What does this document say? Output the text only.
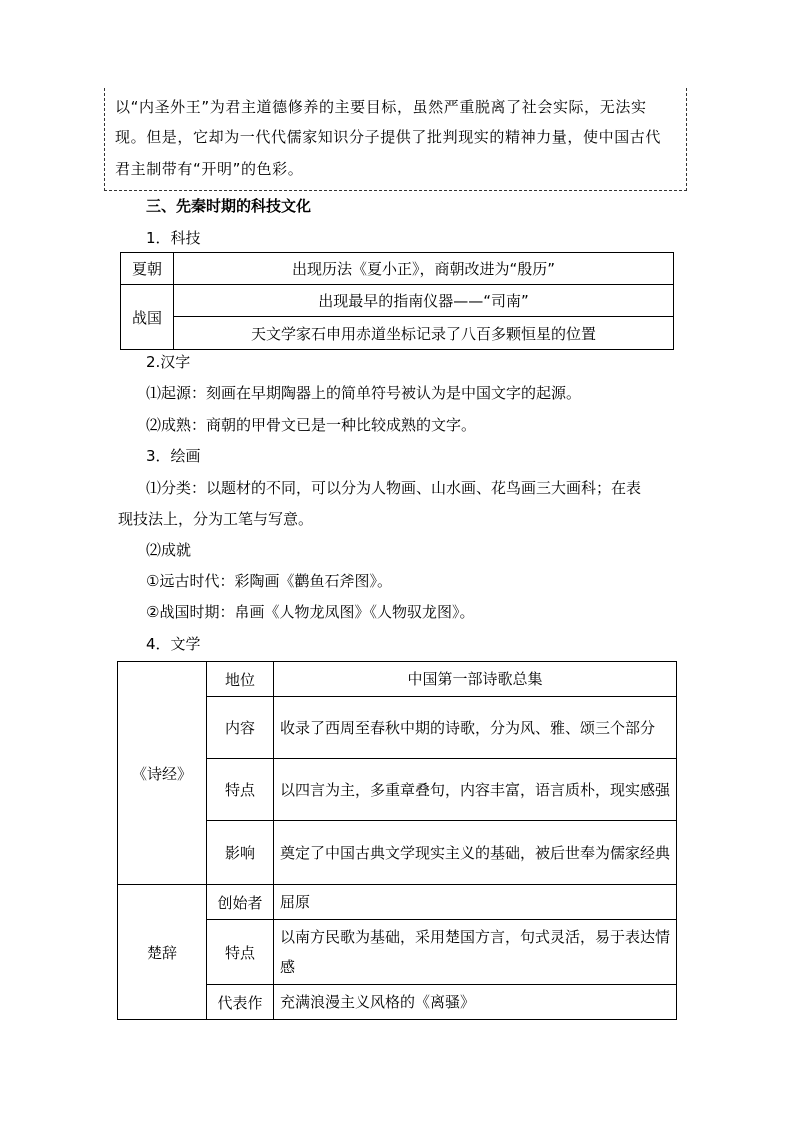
以“内圣外王”为君主道德修养的主要目标，虽然严重脱离了社会实际，无法实
现。但是，它却为一代代儒家知识分子提供了批判现实的精神力量，使中国古代
君主制带有“开明”的色彩。
三、先秦时期的科技文化
1．科技
夏朝	出现历法《夏小正》，商朝改进为“殷历”
战国	出现最早的指南仪器——“司南”
	天文学家石申用赤道坐标记录了八百多颗恒星的位置
2.汉字
⑴起源：刻画在早期陶器上的简单符号被认为是中国文字的起源。
⑵成熟：商朝的甲骨文已是一种比较成熟的文字。
3．绘画
⑴分类：以题材的不同，可以分为人物画、山水画、花鸟画三大画科；在表
现技法上，分为工笔与写意。
⑵成就
①远古时代：彩陶画《鹳鱼石斧图》。
②战国时期：帛画《人物龙凤图》《人物驭龙图》。
4．文学
《诗经》	地位	中国第一部诗歌总集
	内容	收录了西周至春秋中期的诗歌，分为风、雅、颂三个部分
	特点	以四言为主，多重章叠句，内容丰富，语言质朴，现实感强
	影响	奠定了中国古典文学现实主义的基础，被后世奉为儒家经典
楚辞	创始者	屈原
	特点	以南方民歌为基础，采用楚国方言，句式灵活，易于表达情感
	代表作	充满浪漫主义风格的《离骚》
